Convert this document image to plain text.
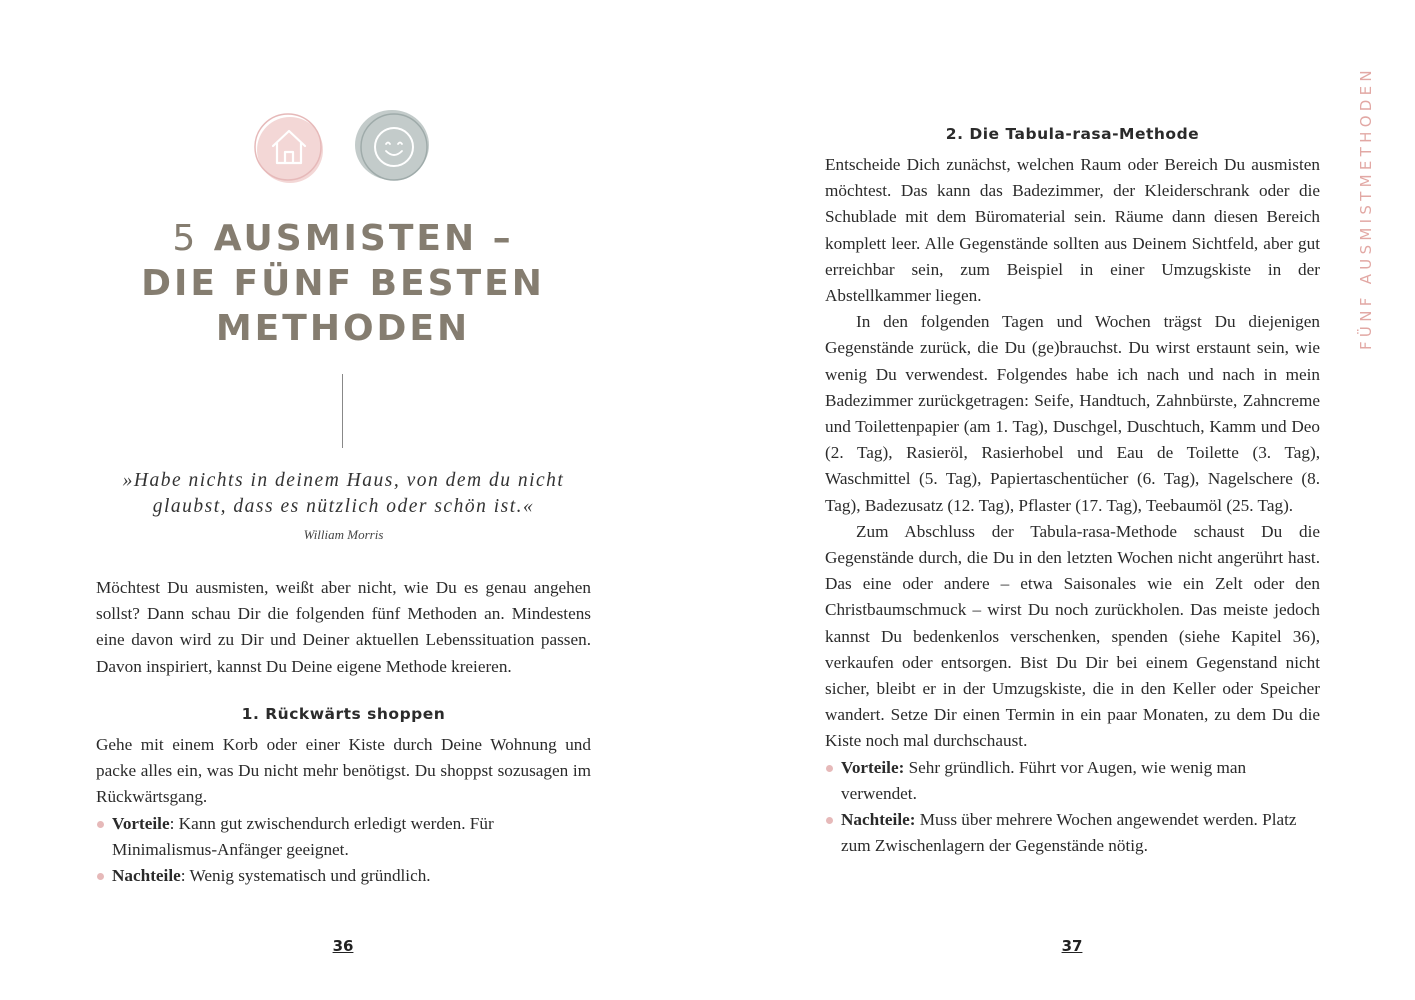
5 AUSMISTEN –
DIE FÜNF BESTEN
METHODEN
»Habe nichts in deinem Haus, von dem du nicht glaubst, dass es nützlich oder schön ist.«
William Morris

Möchtest Du ausmisten, weißt aber nicht, wie Du es genau angehen sollst? Dann schau Dir die folgenden fünf Methoden an. Mindestens eine davon wird zu Dir und Deiner aktuellen Lebenssituation passen. Davon inspiriert, kannst Du Deine eigene Methode kreieren.

1. Rückwärts shoppen

Gehe mit einem Korb oder einer Kiste durch Deine Wohnung und packe alles ein, was Du nicht mehr benötigst. Du shoppst sozusagen im Rückwärtsgang.

Vorteile: Kann gut zwischendurch erledigt werden. Für Minimalismus-Anfänger geeignet.
Nachteile: Wenig systematisch und gründlich.
36
2. Die Tabula-rasa-Methode

Entscheide Dich zunächst, welchen Raum oder Bereich Du ausmisten möchtest. Das kann das Badezimmer, der Kleiderschrank oder die Schublade mit dem Büromaterial sein. Räume dann diesen Bereich komplett leer. Alle Gegenstände sollten aus Deinem Sichtfeld, aber gut erreichbar sein, zum Beispiel in einer Umzugskiste in der Abstellkammer liegen.

In den folgenden Tagen und Wochen trägst Du diejenigen Gegenstände zurück, die Du (ge)brauchst. Du wirst erstaunt sein, wie wenig Du verwendest. Folgendes habe ich nach und nach in mein Badezimmer zurückgetragen: Seife, Handtuch, Zahnbürste, Zahncreme und Toilettenpapier (am 1. Tag), Duschgel, Duschtuch, Kamm und Deo (2. Tag), Rasieröl, Rasierhobel und Eau de Toilette (3. Tag), Waschmittel (5. Tag), Papiertaschentücher (6. Tag), Nagelschere (8. Tag), Badezusatz (12. Tag), Pflaster (17. Tag), Teebaumöl (25. Tag).

Zum Abschluss der Tabula-rasa-Methode schaust Du die Gegenstände durch, die Du in den letzten Wochen nicht angerührt hast. Das eine oder andere – etwa Saisonales wie ein Zelt oder den Christbaumschmuck – wirst Du noch zurückholen. Das meiste jedoch kannst Du bedenkenlos verschenken, spenden (siehe Kapitel 36), verkaufen oder entsorgen. Bist Du Dir bei einem Gegenstand nicht sicher, bleibt er in der Umzugskiste, die in den Keller oder Speicher wandert. Setze Dir einen Termin in ein paar Monaten, zu dem Du die Kiste noch mal durchschaust.

Vorteile: Sehr gründlich. Führt vor Augen, wie wenig man verwendet.
Nachteile: Muss über mehrere Wochen angewendet werden. Platz zum Zwischenlagern der Gegenstände nötig.
FÜNF AUSMISTMETHODEN
37
